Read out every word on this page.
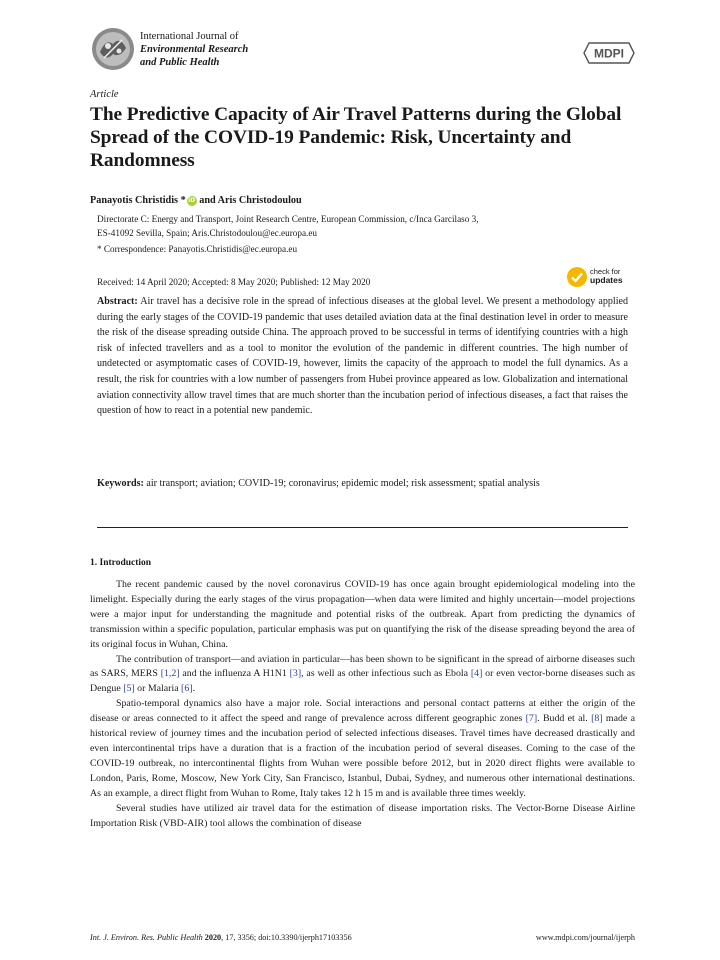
International Journal of
Environmental Research
and Public Health
MDPI
Article
The Predictive Capacity of Air Travel Patterns during the Global Spread of the COVID-19 Pandemic: Risk, Uncertainty and Randomness
Panayotis Christidis * iD and Aris Christodoulou
Directorate C: Energy and Transport, Joint Research Centre, European Commission, c/Inca Garcilaso 3,
ES-41092 Sevilla, Spain; Aris.Christodoulou@ec.europa.eu
* Correspondence: Panayotis.Christidis@ec.europa.eu
Received: 14 April 2020; Accepted: 8 May 2020; Published: 12 May 2020
check for
updates
Abstract: Air travel has a decisive role in the spread of infectious diseases at the global level. We present a methodology applied during the early stages of the COVID-19 pandemic that uses detailed aviation data at the final destination level in order to measure the risk of the disease spreading outside China. The approach proved to be successful in terms of identifying countries with a high risk of infected travellers and as a tool to monitor the evolution of the pandemic in different countries. The high number of undetected or asymptomatic cases of COVID-19, however, limits the capacity of the approach to model the full dynamics. As a result, the risk for countries with a low number of passengers from Hubei province appeared as low. Globalization and international aviation connectivity allow travel times that are much shorter than the incubation period of infectious diseases, a fact that raises the question of how to react in a potential new pandemic.
Keywords: air transport; aviation; COVID-19; coronavirus; epidemic model; risk assessment; spatial analysis
1. Introduction

The recent pandemic caused by the novel coronavirus COVID-19 has once again brought epidemiological modeling into the limelight. Especially during the early stages of the virus propagation—when data were limited and highly uncertain—model projections were a major input for understanding the magnitude and potential risks of the outbreak. Apart from predicting the dynamics of transmission within a specific population, particular emphasis was put on quantifying the risk of the disease spreading beyond the area of its original focus in Wuhan, China.

The contribution of transport—and aviation in particular—has been shown to be significant in the spread of airborne diseases such as SARS, MERS [1,2] and the influenza A H1N1 [3], as well as other infectious such as Ebola [4] or even vector-borne diseases such as Dengue [5] or Malaria [6].

Spatio-temporal dynamics also have a major role. Social interactions and personal contact patterns at either the origin of the disease or areas connected to it affect the speed and range of prevalence across different geographic zones [7]. Budd et al. [8] made a historical review of journey times and the incubation period of selected infectious diseases. Travel times have decreased drastically and even intercontinental trips have a duration that is a fraction of the incubation period of several diseases. Coming to the case of the COVID-19 outbreak, no intercontinental flights from Wuhan were possible before 2012, but in 2020 direct flights were available to London, Paris, Rome, Moscow, New York City, San Francisco, Istanbul, Dubai, Sydney, and numerous other international destinations. As an example, a direct flight from Wuhan to Rome, Italy takes 12 h 15 m and is available three times weekly.

Several studies have utilized air travel data for the estimation of disease importation risks. The Vector-Borne Disease Airline Importation Risk (VBD-AIR) tool allows the combination of disease

Int. J. Environ. Res. Public Health 2020, 17, 3356; doi:10.3390/ijerph17103356	www.mdpi.com/journal/ijerph
